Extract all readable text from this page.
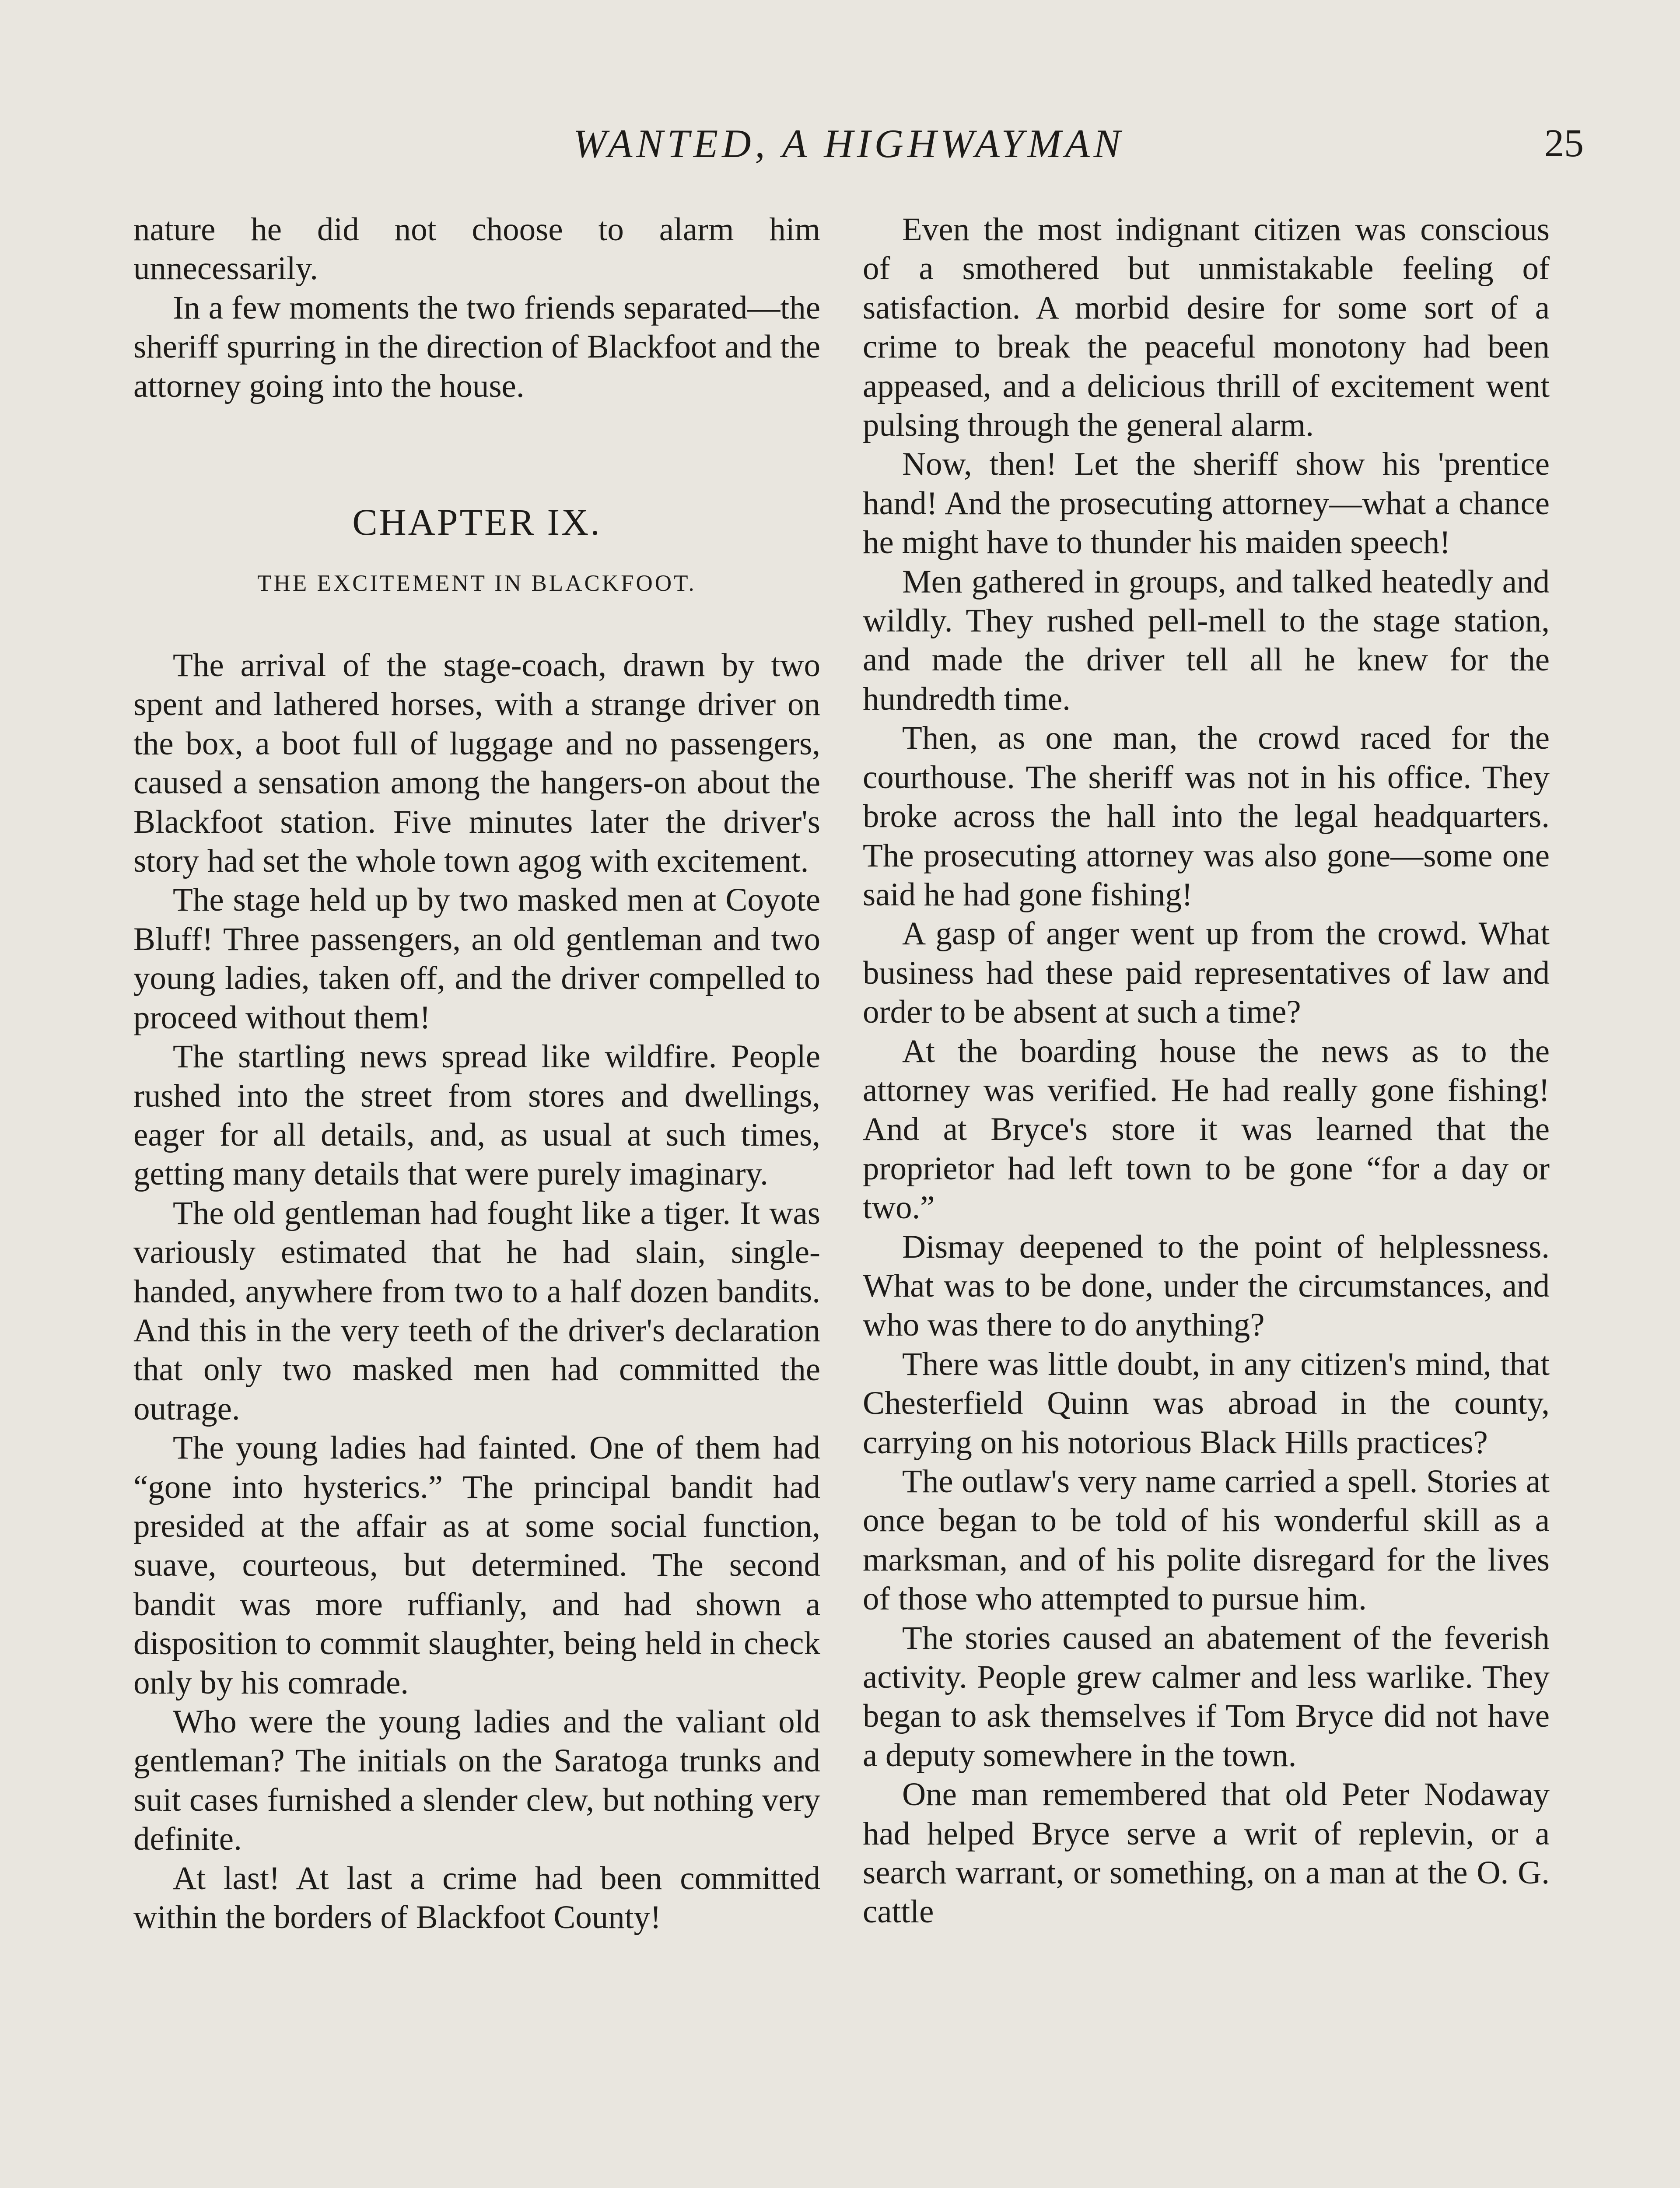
WANTED, A HIGHWAYMAN	25

nature he did not choose to alarm him unnecessarily.

In a few moments the two friends separated—the sheriff spurring in the direction of Blackfoot and the attorney going into the house.

CHAPTER IX.
THE EXCITEMENT IN BLACKFOOT.

The arrival of the stage-coach, drawn by two spent and lathered horses, with a strange driver on the box, a boot full of luggage and no passengers, caused a sensation among the hangers-on about the Blackfoot station. Five minutes later the driver's story had set the whole town agog with excitement.

The stage held up by two masked men at Coyote Bluff! Three passengers, an old gentleman and two young ladies, taken off, and the driver compelled to proceed without them!

The startling news spread like wildfire. People rushed into the street from stores and dwellings, eager for all details, and, as usual at such times, getting many details that were purely imaginary.

The old gentleman had fought like a tiger. It was variously estimated that he had slain, single-handed, anywhere from two to a half dozen bandits. And this in the very teeth of the driver's declaration that only two masked men had committed the outrage.

The young ladies had fainted. One of them had “gone into hysterics.” The principal bandit had presided at the affair as at some social function, suave, courteous, but determined. The second bandit was more ruffianly, and had shown a disposition to commit slaughter, being held in check only by his comrade.

Who were the young ladies and the valiant old gentleman? The initials on the Saratoga trunks and suit cases furnished a slender clew, but nothing very definite.

At last! At last a crime had been committed within the borders of Blackfoot County!

Even the most indignant citizen was conscious of a smothered but unmistakable feeling of satisfaction. A morbid desire for some sort of a crime to break the peaceful monotony had been appeased, and a delicious thrill of excitement went pulsing through the general alarm.

Now, then! Let the sheriff show his 'prentice hand! And the prosecuting attorney—what a chance he might have to thunder his maiden speech!

Men gathered in groups, and talked heatedly and wildly. They rushed pell-mell to the stage station, and made the driver tell all he knew for the hundredth time.

Then, as one man, the crowd raced for the courthouse. The sheriff was not in his office. They broke across the hall into the legal headquarters. The prosecuting attorney was also gone—some one said he had gone fishing!

A gasp of anger went up from the crowd. What business had these paid representatives of law and order to be absent at such a time?

At the boarding house the news as to the attorney was verified. He had really gone fishing! And at Bryce's store it was learned that the proprietor had left town to be gone “for a day or two.”

Dismay deepened to the point of helplessness. What was to be done, under the circumstances, and who was there to do anything?

There was little doubt, in any citizen's mind, that Chesterfield Quinn was abroad in the county, carrying on his notorious Black Hills practices?

The outlaw's very name carried a spell. Stories at once began to be told of his wonderful skill as a marksman, and of his polite disregard for the lives of those who attempted to pursue him.

The stories caused an abatement of the feverish activity. People grew calmer and less warlike. They began to ask themselves if Tom Bryce did not have a deputy somewhere in the town.

One man remembered that old Peter Nodaway had helped Bryce serve a writ of replevin, or a search warrant, or something, on a man at the O. G. cattle
